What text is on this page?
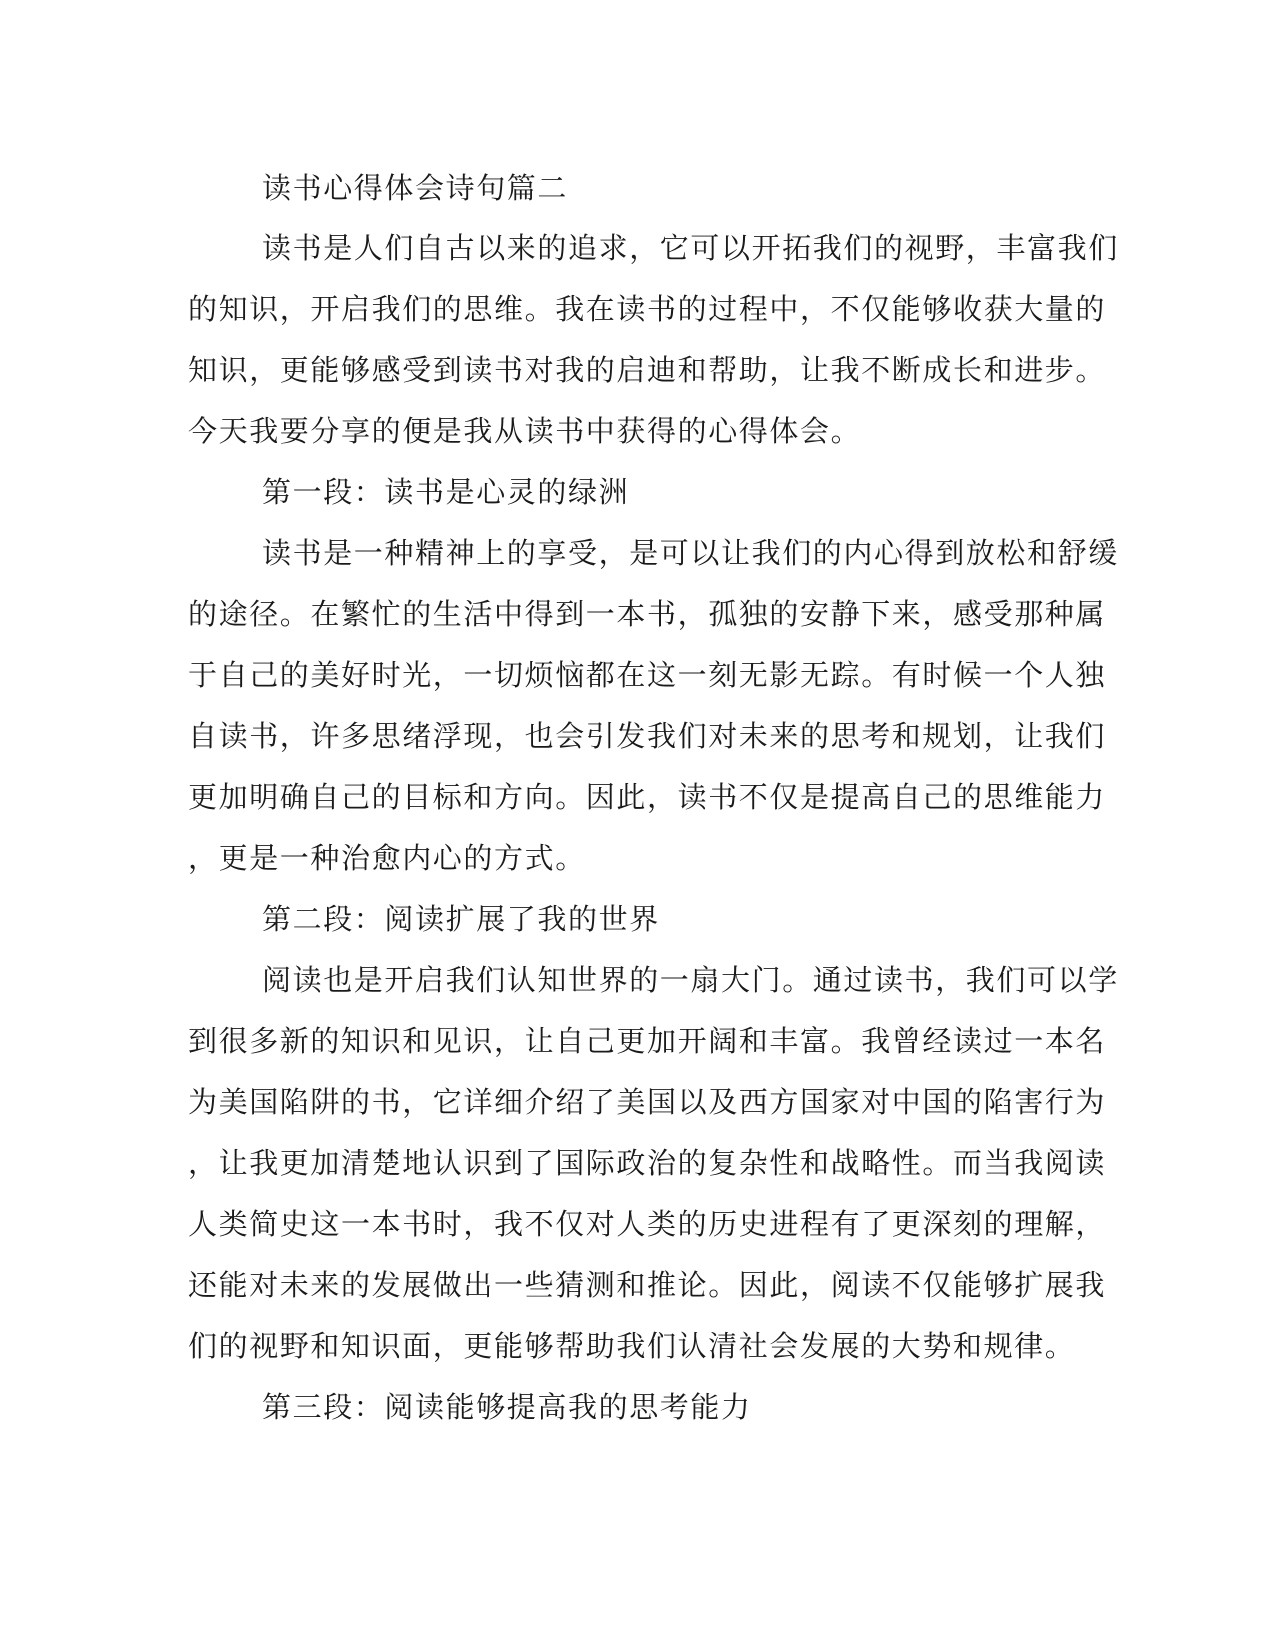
读书心得体会诗句篇二

读书是人们自古以来的追求，它可以开拓我们的视野，丰富我们

的知识，开启我们的思维。我在读书的过程中，不仅能够收获大量的

知识，更能够感受到读书对我的启迪和帮助，让我不断成长和进步。

今天我要分享的便是我从读书中获得的心得体会。

第一段：读书是心灵的绿洲

读书是一种精神上的享受，是可以让我们的内心得到放松和舒缓

的途径。在繁忙的生活中得到一本书，孤独的安静下来，感受那种属

于自己的美好时光，一切烦恼都在这一刻无影无踪。有时候一个人独

自读书，许多思绪浮现，也会引发我们对未来的思考和规划，让我们

更加明确自己的目标和方向。因此，读书不仅是提高自己的思维能力

，更是一种治愈内心的方式。

第二段：阅读扩展了我的世界

阅读也是开启我们认知世界的一扇大门。通过读书，我们可以学

到很多新的知识和见识，让自己更加开阔和丰富。我曾经读过一本名

为美国陷阱的书，它详细介绍了美国以及西方国家对中国的陷害行为

，让我更加清楚地认识到了国际政治的复杂性和战略性。而当我阅读

人类简史这一本书时，我不仅对人类的历史进程有了更深刻的理解，

还能对未来的发展做出一些猜测和推论。因此，阅读不仅能够扩展我

们的视野和知识面，更能够帮助我们认清社会发展的大势和规律。

第三段：阅读能够提高我的思考能力
